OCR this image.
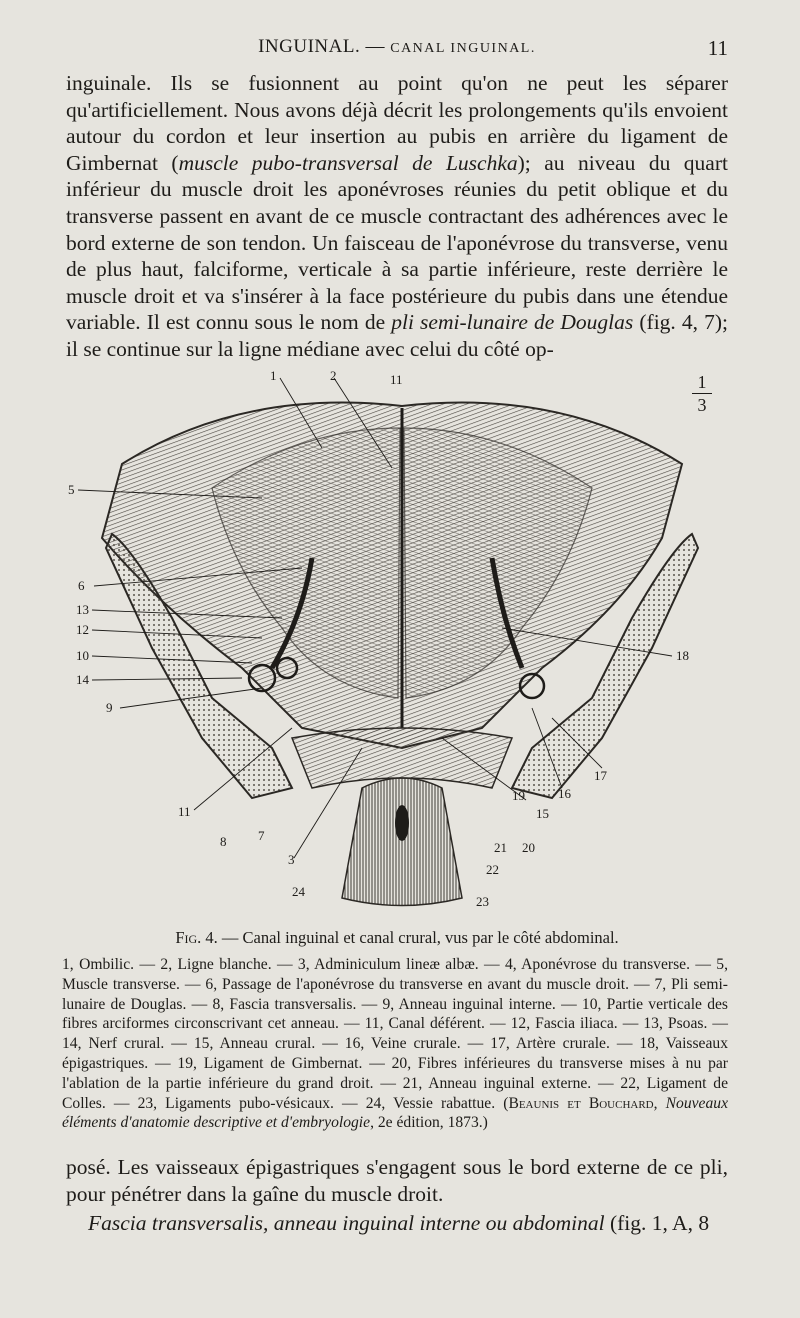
INGUINAL. — CANAL INGUINAL.	11
inguinale. Ils se fusionnent au point qu'on ne peut les séparer qu'artificiellement. Nous avons déjà décrit les prolongements qu'ils envoient autour du cordon et leur insertion au pubis en arrière du ligament de Gimbernat (muscle pubo-transversal de Luschka); au niveau du quart inférieur du muscle droit les aponévroses réunies du petit oblique et du transverse passent en avant de ce muscle contractant des adhérences avec le bord externe de son tendon. Un faisceau de l'aponévrose du transverse, venu de plus haut, falciforme, verticale à sa partie inférieure, reste derrière le muscle droit et va s'insérer à la face postérieure du pubis dans une étendue variable. Il est connu sous le nom de pli semi-lunaire de Douglas (fig. 4, 7); il se continue sur la ligne médiane avec celui du côté op-
1
3
1	2	11
5
6
13
12
10
14
9
18
17
16
19
15
20
21
22
23
24
3
7
8
11
Fig. 4. — Canal inguinal et canal crural, vus par le côté abdominal.
1, Ombilic. — 2, Ligne blanche. — 3, Adminiculum lineæ albæ. — 4, Aponévrose du transverse. — 5, Muscle transverse. — 6, Passage de l'aponévrose du transverse en avant du muscle droit. — 7, Pli semi-lunaire de Douglas. — 8, Fascia transversalis. — 9, Anneau inguinal interne. — 10, Partie verticale des fibres arciformes circonscrivant cet anneau. — 11, Canal déférent. — 12, Fascia iliaca. — 13, Psoas. — 14, Nerf crural. — 15, Anneau crural. — 16, Veine crurale. — 17, Artère crurale. — 18, Vaisseaux épigastriques. — 19, Ligament de Gimbernat. — 20, Fibres inférieures du transverse mises à nu par l'ablation de la partie inférieure du grand droit. — 21, Anneau inguinal externe. — 22, Ligament de Colles. — 23, Ligaments pubo-vésicaux. — 24, Vessie rabattue. (Beaunis et Bouchard, Nouveaux éléments d'anatomie descriptive et d'embryologie, 2e édition, 1873.)
posé. Les vaisseaux épigastriques s'engagent sous le bord externe de ce pli, pour pénétrer dans la gaîne du muscle droit.
Fascia transversalis, anneau inguinal interne ou abdominal (fig. 1, A, 8
